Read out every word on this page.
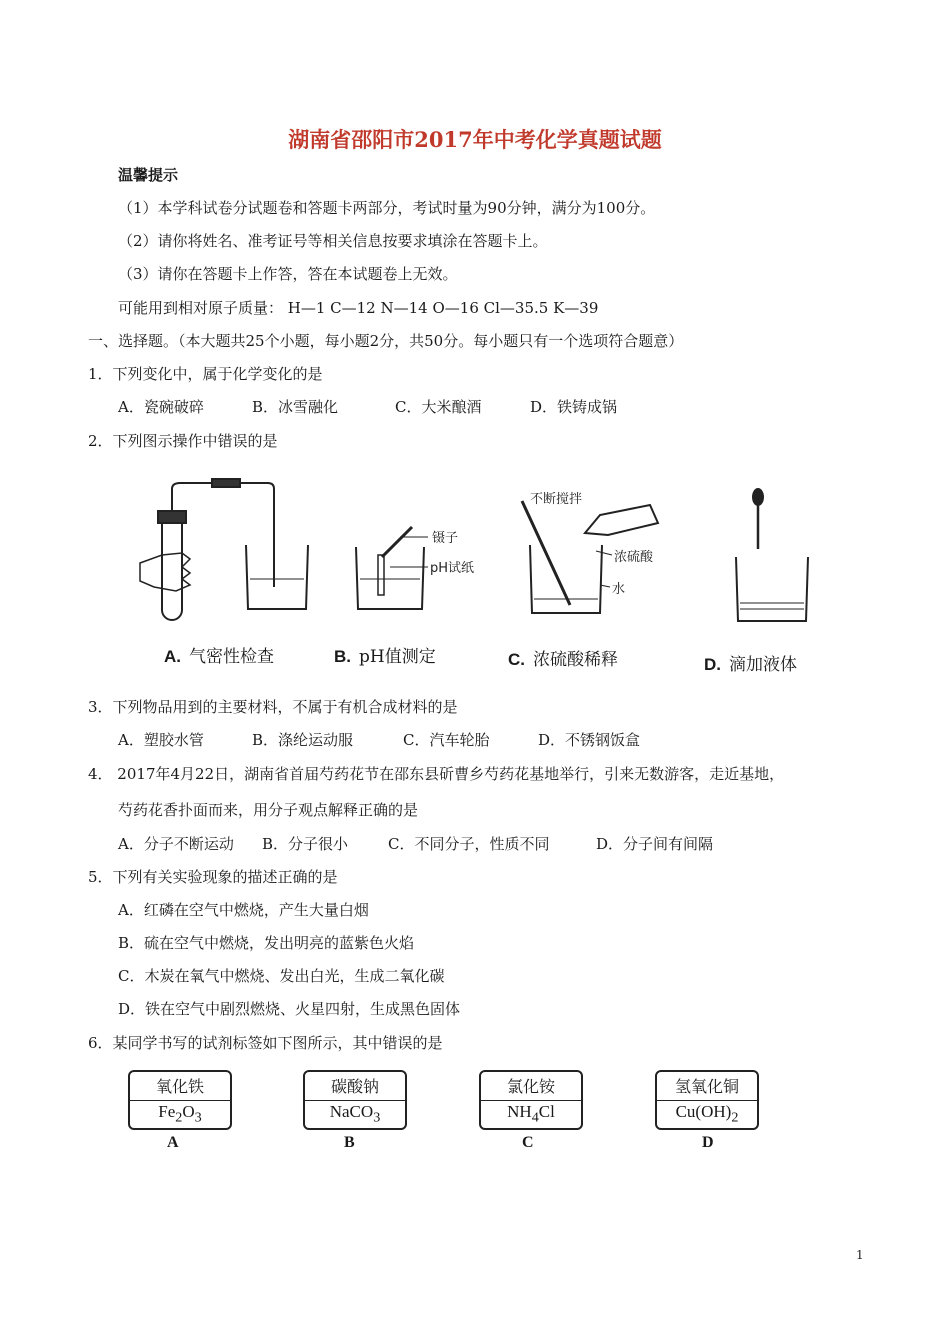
湖南省邵阳市2017年中考化学真题试题
温馨提示
（1）本学科试卷分试题卷和答题卡两部分，考试时量为90分钟，满分为100分。
（2）请你将姓名、准考证号等相关信息按要求填涂在答题卡上。
（3）请你在答题卡上作答，答在本试题卷上无效。
可能用到相对原子质量： H—1 C—12 N—14 O—16 Cl—35.5 K—39
一、选择题。（本大题共25个小题，每小题2分，共50分。每小题只有一个选项符合题意）
1．下列变化中，属于化学变化的是
A．瓷碗破碎	B．冰雪融化	C．大米酿酒	D．铁铸成锅
2．下列图示操作中错误的是
镊子
pH试纸
不断搅拌
浓硫酸
水
A. 气密性检查	B. pH值测定	C. 浓硫酸稀释	D. 滴加液体
3．下列物品用到的主要材料，不属于有机合成材料的是
A．塑胶水管	B．涤纶运动服	C．汽车轮胎	D．不锈钢饭盒
4． 2017年4月22日，湖南省首届芍药花节在邵东县斫曹乡芍药花基地举行，引来无数游客，走近基地，
芍药花香扑面而来，用分子观点解释正确的是
A．分子不断运动 B．分子很小	C．不同分子，性质不同	D．分子间有间隔
5．下列有关实验现象的描述正确的是
A．红磷在空气中燃烧，产生大量白烟
B．硫在空气中燃烧，发出明亮的蓝紫色火焰
C．木炭在氧气中燃烧、发出白光，生成二氧化碳
D．铁在空气中剧烈燃烧、火星四射，生成黑色固体
6．某同学书写的试剂标签如下图所示，其中错误的是
氧化铁
$Fe_2O_3$
碳酸钠
NaCO$_3$
氯化铵
$NH_4Cl$
氢氧化铜
$Cu(OH)_2$
A	B	C	D
1
